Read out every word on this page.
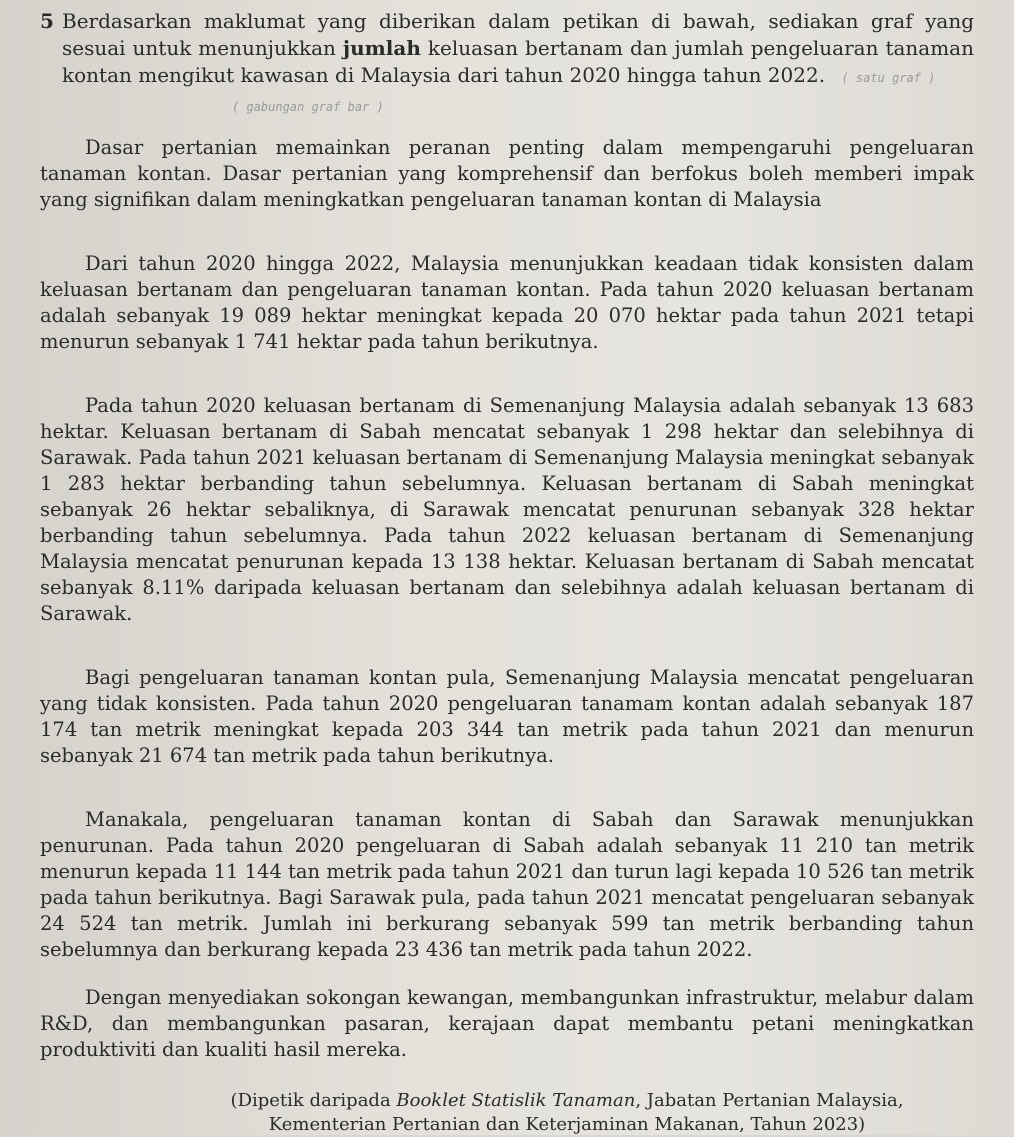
5 Berdasarkan maklumat yang diberikan dalam petikan di bawah, sediakan graf yang sesuai untuk menunjukkan jumlah keluasan bertanam dan jumlah pengeluaran tanaman kontan mengikut kawasan di Malaysia dari tahun 2020 hingga tahun 2022. ( satu graf )
( gabungan graf bar )

Dasar pertanian memainkan peranan penting dalam mempengaruhi pengeluaran tanaman kontan. Dasar pertanian yang komprehensif dan berfokus boleh memberi impak yang signifikan dalam meningkatkan pengeluaran tanaman kontan di Malaysia

Dari tahun 2020 hingga 2022, Malaysia menunjukkan keadaan tidak konsisten dalam keluasan bertanam dan pengeluaran tanaman kontan. Pada tahun 2020 keluasan bertanam adalah sebanyak 19 089 hektar meningkat kepada 20 070 hektar pada tahun 2021 tetapi menurun sebanyak 1 741 hektar pada tahun berikutnya.

Pada tahun 2020 keluasan bertanam di Semenanjung Malaysia adalah sebanyak 13 683 hektar. Keluasan bertanam di Sabah mencatat sebanyak 1 298 hektar dan selebihnya di Sarawak. Pada tahun 2021 keluasan bertanam di Semenanjung Malaysia meningkat sebanyak 1 283 hektar berbanding tahun sebelumnya. Keluasan bertanam di Sabah meningkat sebanyak 26 hektar sebaliknya, di Sarawak mencatat penurunan sebanyak 328 hektar berbanding tahun sebelumnya. Pada tahun 2022 keluasan bertanam di Semenanjung Malaysia mencatat penurunan kepada 13 138 hektar. Keluasan bertanam di Sabah mencatat sebanyak 8.11% daripada keluasan bertanam dan selebihnya adalah keluasan bertanam di Sarawak.

Bagi pengeluaran tanaman kontan pula, Semenanjung Malaysia mencatat pengeluaran yang tidak konsisten. Pada tahun 2020 pengeluaran tanamam kontan adalah sebanyak 187 174 tan metrik meningkat kepada 203 344 tan metrik pada tahun 2021 dan menurun sebanyak 21 674 tan metrik pada tahun berikutnya.

Manakala, pengeluaran tanaman kontan di Sabah dan Sarawak menunjukkan penurunan. Pada tahun 2020 pengeluaran di Sabah adalah sebanyak 11 210 tan metrik menurun kepada 11 144 tan metrik pada tahun 2021 dan turun lagi kepada 10 526 tan metrik pada tahun berikutnya. Bagi Sarawak pula, pada tahun 2021 mencatat pengeluaran sebanyak 24 524 tan metrik. Jumlah ini berkurang sebanyak 599 tan metrik berbanding tahun sebelumnya dan berkurang kepada 23 436 tan metrik pada tahun 2022.

Dengan menyediakan sokongan kewangan, membangunkan infrastruktur, melabur dalam R&D, dan membangunkan pasaran, kerajaan dapat membantu petani meningkatkan produktiviti dan kualiti hasil mereka.

(Dipetik daripada Booklet Statislik Tanaman, Jabatan Pertanian Malaysia,
Kementerian Pertanian dan Keterjaminan Makanan, Tahun 2023)
